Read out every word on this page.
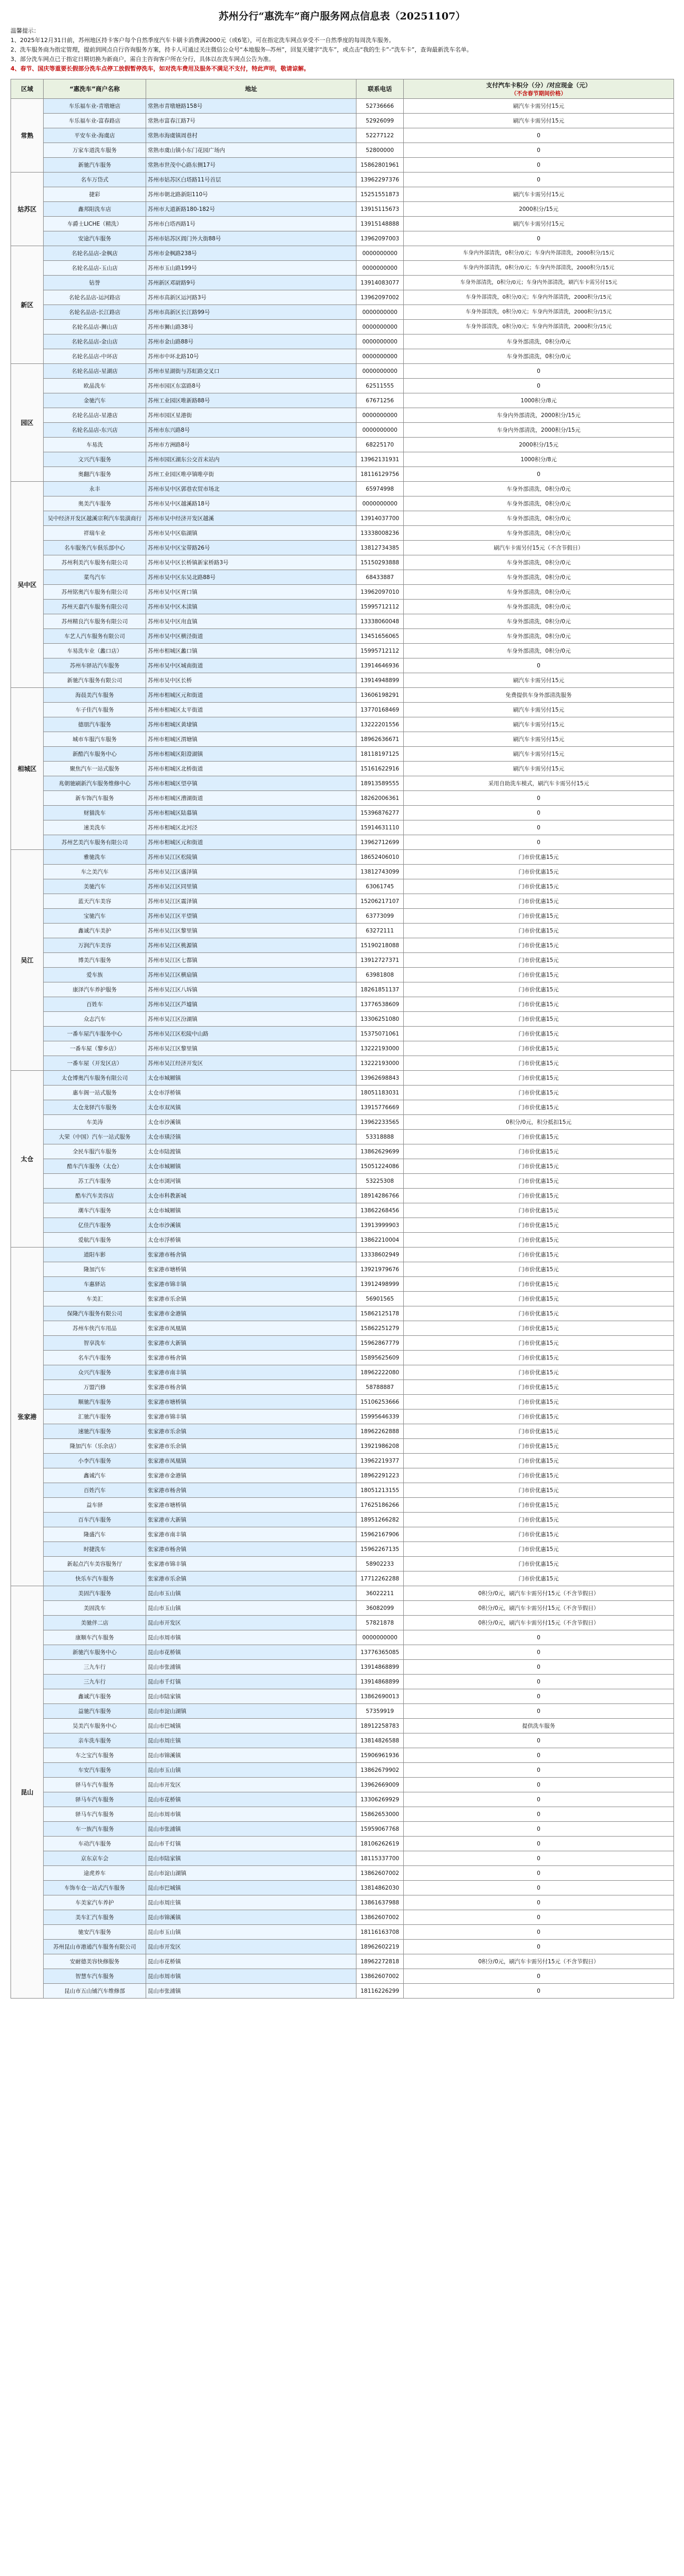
苏州分行“惠洗车”商户服务网点信息表（20251107）
温馨提示：
1、2025年12月31日前，苏州地区持卡客户每个自然季度汽车卡刷卡消费满2000元（或6笔），可在指定洗车网点享受不一自然季度的每周洗车服务。
2、洗车服务商为指定管理，提前到网点自行咨询服务方案，持卡人可通过关注微信公众号“本地服务--苏州”，回复关键字“洗车”，或点击“我的生卡”-“洗车卡”，查询最新洗车名单。
3、部分洗车网点已于指定日期切换为新商户，需自主咨询客户所在分行，具体以在洗车网点公告为准。
4、春节、国庆等重要长假部分洗车点停工放假暂停洗车，如对洗车费用及服务不满足不支付，特此声明，敬请谅解。
区域	“惠洗车”商户名称	地址	联系电话	支付汽车卡积分（分）/对应现金（元）
（不含春节期间价格）

常熟	车乐福车业-青墩塘店	常熟市青墩塘路158号	52736666	刷汽车卡需另付15元
	车乐福车业-富春路店	常熟市富春江路7号	52926099	刷汽车卡需另付15元
	平安车业-海虞店	常熟市海虞镇周巷村	52277122	0
	万家车道洗车服务	常熟市虞山镇小东门花园广场内	52800000	0
	新驰汽车服务	常熟市世茂中心路东侧17号	15862801961	0
姑苏区	名车万岱式	苏州市姑苏区白塔路11号首层	13962297376	0
	捷彩	苏州市朝北路新阳110号	15251551873	刷汽车卡需另付15元
	鑫邦阳洗车店	苏州市大道新路180-182号	13915115673	2000积分/15元
	车爵士LICHE（精洗）	苏州市白塔西路1号	13915148888	刷汽车卡需另付15元
	安途汽车服务	苏州市姑苏区阊门外大街88号	13962097003	0
新区	名轮名品店-金枫店	苏州市金枫路238号	0000000000	车身内外部清洗，0积分/0元；车身内外部清洗，2000积分/15元
	名轮名品店-玉山店	苏州市玉山路199号	0000000000	车身内外部清洗，0积分/0元；车身内外部清洗，2000积分/15元
	钻誉	苏州新区邓尉路9号	13914083077	车身外部清洗，0积分/0元；车身内外部清洗，刷汽车卡需另付15元
	名轮名品店-运河路店	苏州市高新区运河路3号	13962097002	车身外部清洗，0积分/0元；车身内外部清洗，2000积分/15元
	名轮名品店-长江路店	苏州市高新区长江路99号	0000000000	车身外部清洗，0积分/0元；车身内外部清洗，2000积分/15元
	名轮名品店-狮山店	苏州市狮山路38号	0000000000	车身外部清洗，0积分/0元；车身内外部清洗，2000积分/15元
	名轮名品店-金山店	苏州市金山路88号	0000000000	车身外部清洗，0积分/0元
	名轮名品店-中环店	苏州市中环北路10号	0000000000	车身外部清洗，0积分/0元
园区	名轮名品店-星湖店	苏州市星湖街与苏虹路交叉口	0000000000	0
	欧晶洗车	苏州市园区东富路8号	62511555	0
	金驰汽车	苏州工业园区唯新路88号	67671256	1000积分/8元
	名轮名品店-星港店	苏州市园区星港街	0000000000	车身内外部清洗，2000积分/15元
	名轮名品店-东兴店	苏州市东兴路8号	0000000000	车身内外部清洗，2000积分/15元
	车易洗	苏州市方洲路8号	68225170	2000积分/15元
	文兴汽车服务	苏州市园区湖东公交首末站内	13962131931	1000积分/8元
	奥翻汽车服务	苏州工业园区唯亭镇唯亭街	18116129756	0
吴中区	永丰	苏州市吴中区郭巷农贸市场北	65974998	车身外部清洗，0积分/0元
	奥美汽车服务	苏州市吴中区越溪路18号	0000000000	车身外部清洗，0积分/0元
	吴中经济开发区越溪宗利汽车装潢商行	苏州市吴中经济开发区越溪	13914037700	车身外部清洗，0积分/0元
	祥瑞车业	苏州市吴中区临湖镇	13338008236	车身外部清洗，0积分/0元
	名车服务汽车俱乐部中心	苏州市吴中区宝带路26号	13812734385	刷汽车卡需另付15元（不含节假日）
	苏州利美汽车服务有限公司	苏州市吴中区长桥镇新家桥路3号	15150293888	车身外部清洗，0积分/0元
	菜鸟汽车	苏州市吴中区东吴北路88号	68433887	车身外部清洗，0积分/0元
	苏州铭奥汽车服务有限公司	苏州市吴中区胥口镇	13962097010	车身外部清洗，0积分/0元
	苏州天嘉汽车服务有限公司	苏州市吴中区木渎镇	15995712112	车身外部清洗，0积分/0元
	苏州精良汽车服务有限公司	苏州市吴中区甪直镇	13338060048	车身外部清洗，0积分/0元
	车艺人汽车服务有限公司	苏州市吴中区横泾街道	13451656065	车身外部清洗，0积分/0元
	车易洗车业（蠡口店）	苏州市相城区蠡口镇	15995712112	车身外部清洗，0积分/0元
	苏州车驿站汽车服务	苏州市吴中区城南街道	13914646936	0
	新驰汽车服务有限公司	苏州市吴中区长桥	13914948899	刷汽车卡需另付15元
相城区	海晨美汽车服务	苏州市相城区元和街道	13606198291	免费提供车身外部清洗服务
	车子佳汽车服务	苏州市相城区太平街道	13770168469	刷汽车卡需另付15元
	德朋汽车服务	苏州市相城区黄埭镇	13222201556	刷汽车卡需另付15元
	城市车服汽车服务	苏州市相城区渭塘镇	18962636671	刷汽车卡需另付15元
	新酷汽车服务中心	苏州市相城区阳澄湖镇	18118197125	刷汽车卡需另付15元
	聚焦汽车一站式服务	苏州市相城区北桥街道	15161622916	刷汽车卡需另付15元
	兆朝驰刷新汽车服务维修中心	苏州市相城区望亭镇	18913589555	采用自助洗车模式，刷汽车卡需另付15元
	新车饰汽车服务	苏州市相城区漕湖街道	18262006361	0
	财猫洗车	苏州市相城区陆慕镇	15396876277	0
	速美洗车	苏州市相城区北河泾	15914631110	0
	苏州艺美汽车服务有限公司	苏州市相城区元和街道	13962712699	0
吴江	雅驰洗车	苏州市吴江区松陵镇	18652406010	门市价优惠15元
	车之美汽车	苏州市吴江区盛泽镇	13812743099	门市价优惠15元
	美驰汽车	苏州市吴江区同里镇	63061745	门市价优惠15元
	蓝天汽车美容	苏州市吴江区震泽镇	15206217107	门市价优惠15元
	宝驰汽车	苏州市吴江区平望镇	63773099	门市价优惠15元
	鑫诚汽车美护	苏州市吴江区黎里镇	63272111	门市价优惠15元
	万润汽车美容	苏州市吴江区桃源镇	15190218088	门市价优惠15元
	博美汽车服务	苏州市吴江区七都镇	13912727371	门市价优惠15元
	爱车族	苏州市吴江区横扇镇	63981808	门市价优惠15元
	康泽汽车养护服务	苏州市吴江区八坼镇	18261851137	门市价优惠15元
	百姓车	苏州市吴江区芦墟镇	13776538609	门市价优惠15元
	众志汽车	苏州市吴江区汾湖镇	13306251080	门市价优惠15元
	一番车屋汽车服务中心	苏州市吴江区松陵中山路	15375071061	门市价优惠15元
	一番车屋（黎乡店）	苏州市吴江区黎里镇	13222193000	门市价优惠15元
	一番车屋（开发区店）	苏州市吴江经济开发区	13222193000	门市价优惠15元
太仓	太仓博奥汽车服务有限公司	太仓市城厢镇	13962698843	门市价优惠15元
	惠车阁一站式服务	太仓市浮桥镇	18051183031	门市价优惠15元
	太仓龙驿汽车服务	太仓市双凤镇	13915776669	门市价优惠15元
	车美涛	太仓市沙溪镇	13962233565	0积分/0元，积分抵扣15元
	大荣（中国）汽车一站式服务	太仓市璜泾镇	53318888	门市价优惠15元
	全民车服汽车服务	太仓市陆渡镇	13862629699	门市价优惠15元
	酷车汽车服务（太仓）	太仓市城厢镇	15051224086	门市价优惠15元
	苏工汽车服务	太仓市浏河镇	53225308	门市价优惠15元
	酷车汽车美容店	太仓市科教新城	18914286766	门市价优惠15元
	潮车汽车服务	太仓市城厢镇	13862268456	门市价优惠15元
	亿佳汽车服务	太仓市沙溪镇	13913999903	门市价优惠15元
	爱航汽车服务	太仓市浮桥镇	13862210004	门市价优惠15元
张家港	道阳车影	张家港市杨舍镇	13338602949	门市价优惠15元
	隆加汽车	张家港市塘桥镇	13921979676	门市价优惠15元
	车惠驿站	张家港市锦丰镇	13912498999	门市价优惠15元
	车美汇	张家港市乐余镇	56901565	门市价优惠15元
	保隆汽车服务有限公司	张家港市金港镇	15862125178	门市价优惠15元
	苏州车侠汽车用品	张家港市凤凰镇	15862251279	门市价优惠15元
	智享洗车	张家港市大新镇	15962867779	门市价优惠15元
	名车汽车服务	张家港市杨舍镇	15895625609	门市价优惠15元
	众兴汽车服务	张家港市南丰镇	18962222080	门市价优惠15元
	万盟汽修	张家港市杨舍镇	58788887	门市价优惠15元
	顺驰汽车服务	张家港市塘桥镇	15106253666	门市价优惠15元
	汇驰汽车服务	张家港市锦丰镇	15995646339	门市价优惠15元
	速驰汽车服务	张家港市乐余镇	18962262888	门市价优惠15元
	隆加汽车（乐余店）	张家港市乐余镇	13921986208	门市价优惠15元
	小李汽车服务	张家港市凤凰镇	13962219377	门市价优惠15元
	鑫诚汽车	张家港市金港镇	18962291223	门市价优惠15元
	百姓汽车	张家港市杨舍镇	18051213155	门市价优惠15元
	益车驿	张家港市塘桥镇	17625186266	门市价优惠15元
	百车汽车服务	张家港市大新镇	18951266282	门市价优惠15元
	隆盛汽车	张家港市南丰镇	15962167906	门市价优惠15元
	时捷洗车	张家港市杨舍镇	15962267135	门市价优惠15元
	新起点汽车美容服务厅	张家港市锦丰镇	58902233	门市价优惠15元
	快乐车汽车服务	张家港市乐余镇	17712262288	门市价优惠15元
昆山	美固汽车服务	昆山市玉山镇	36022211	0积分/0元，刷汽车卡需另付15元（不含节假日）
	美固洗车	昆山市玉山镇	36082099	0积分/0元，刷汽车卡需另付15元（不含节假日）
	美驰伴二店	昆山市开发区	57821878	0积分/0元，刷汽车卡需另付15元（不含节假日）
	康顺车汽车服务	昆山市周市镇	0000000000	0
	新驰汽车服务中心	昆山市花桥镇	13776365085	0
	三九车行	昆山市张浦镇	13914868899	0
	三九车行	昆山市千灯镇	13914868899	0
	鑫诚汽车服务	昆山市陆家镇	13862690013	0
	益驰汽车服务	昆山市淀山湖镇	57359919	0
	昊美汽车服务中心	昆山市巴城镇	18912258783	提供洗车服务
	亲车洗车服务	昆山市周庄镇	13814826588	0
	车之宝汽车服务	昆山市锦溪镇	15906961936	0
	车安汽车服务	昆山市玉山镇	13862679902	0
	驿马车汽车服务	昆山市开发区	13962669009	0
	驿马车汽车服务	昆山市花桥镇	13306269929	0
	驿马车汽车服务	昆山市周市镇	15862653000	0
	车一族汽车服务	昆山市张浦镇	15959067768	0
	车动汽车服务	昆山市千灯镇	18106262619	0
	京东京车会	昆山市陆家镇	18115337700	0
	途虎养车	昆山市淀山湖镇	13862607002	0
	车饰车仓一站式汽车服务	昆山市巴城镇	13814862030	0
	车美家汽车养护	昆山市周庄镇	13861637988	0
	美车汇汽车服务	昆山市锦溪镇	13862607002	0
	驰安汽车服务	昆山市玉山镇	18116163708	0
	苏州昆山市港通汽车服务有限公司	昆山市开发区	18962602219	0
	安耐德美容快修服务	昆山市花桥镇	18962272818	0积分/0元，刷汽车卡需另付15元（不含节假日）
	智慧车汽车服务	昆山市周市镇	13862607002	0
	昆山市五山铺汽车维修部	昆山市张浦镇	18116226299	0
